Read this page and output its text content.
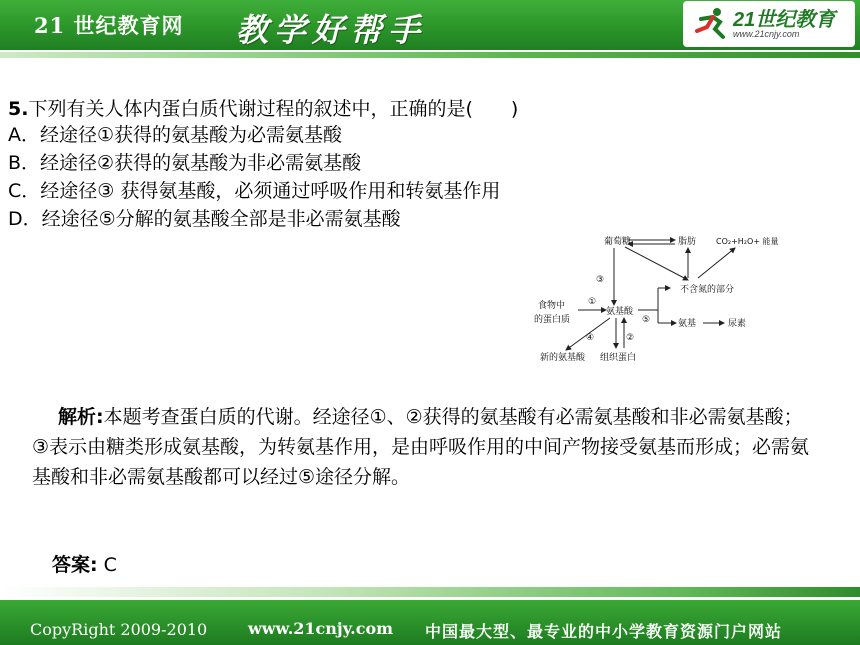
21 世纪教育网 教学好帮手	21世纪教育
www.21cnjy.com
5.下列有关人体内蛋白质代谢过程的叙述中，正确的是(　　)
A．经途径①获得的氨基酸为必需氨基酸
B．经途径②获得的氨基酸为非必需氨基酸
C．经途径③ 获得氨基酸，必须通过呼吸作用和转氨基作用
D．经途径⑤分解的氨基酸全部是非必需氨基酸
葡萄糖	脂肪 CO₂+H₂O+ 能量
③
不含氮的部分
食物中
的蛋白质
①
氨基酸
⑤	氨基	尿素
④	②
新的氨基酸 组织蛋白
解析:本题考查蛋白质的代谢。经途径①、②获得的氨基酸有必需氨基酸和非必需氨基酸；③表示由糖类形成氨基酸，为转氨基作用，是由呼吸作用的中间产物接受氨基而形成；必需氨基酸和非必需氨基酸都可以经过⑤途径分解。
答案: C
CopyRight 2009-2010	www.21cnjy.com 中国最大型、最专业的中小学教育资源门户网站
